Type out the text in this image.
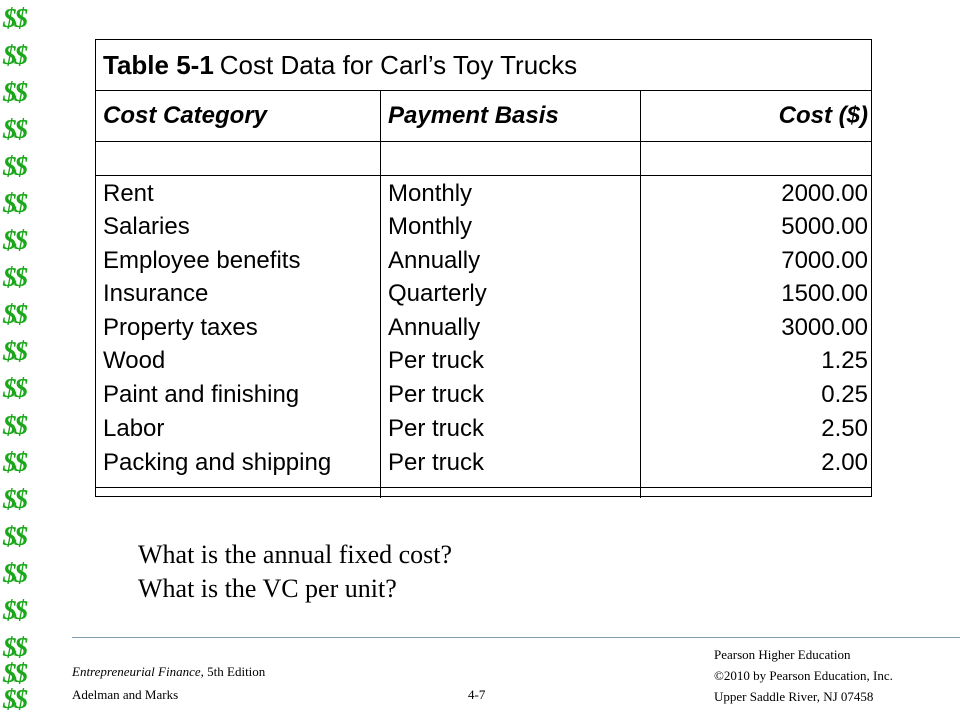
$$
$$
$$
$$
$$
$$
$$
$$
$$
$$
$$
$$
$$
$$
$$
$$
$$
$$
$$
$$
Table 5-1 Cost Data for Carl’s Toy Trucks
Cost Category	Payment Basis	Cost ($)
Rent	Monthly	2000.00
Salaries	Monthly	5000.00
Employee benefits	Annually	7000.00
Insurance	Quarterly	1500.00
Property taxes	Annually	3000.00
Wood	Per truck	1.25
Paint and finishing	Per truck	0.25
Labor	Per truck	2.50
Packing and shipping	Per truck	2.00
What is the annual fixed cost?
What is the VC per unit?
Entrepreneurial Finance, 5th Edition
Adelman and Marks	4-7
Pearson Higher Education
©2010 by Pearson Education, Inc.
Upper Saddle River, NJ 07458
